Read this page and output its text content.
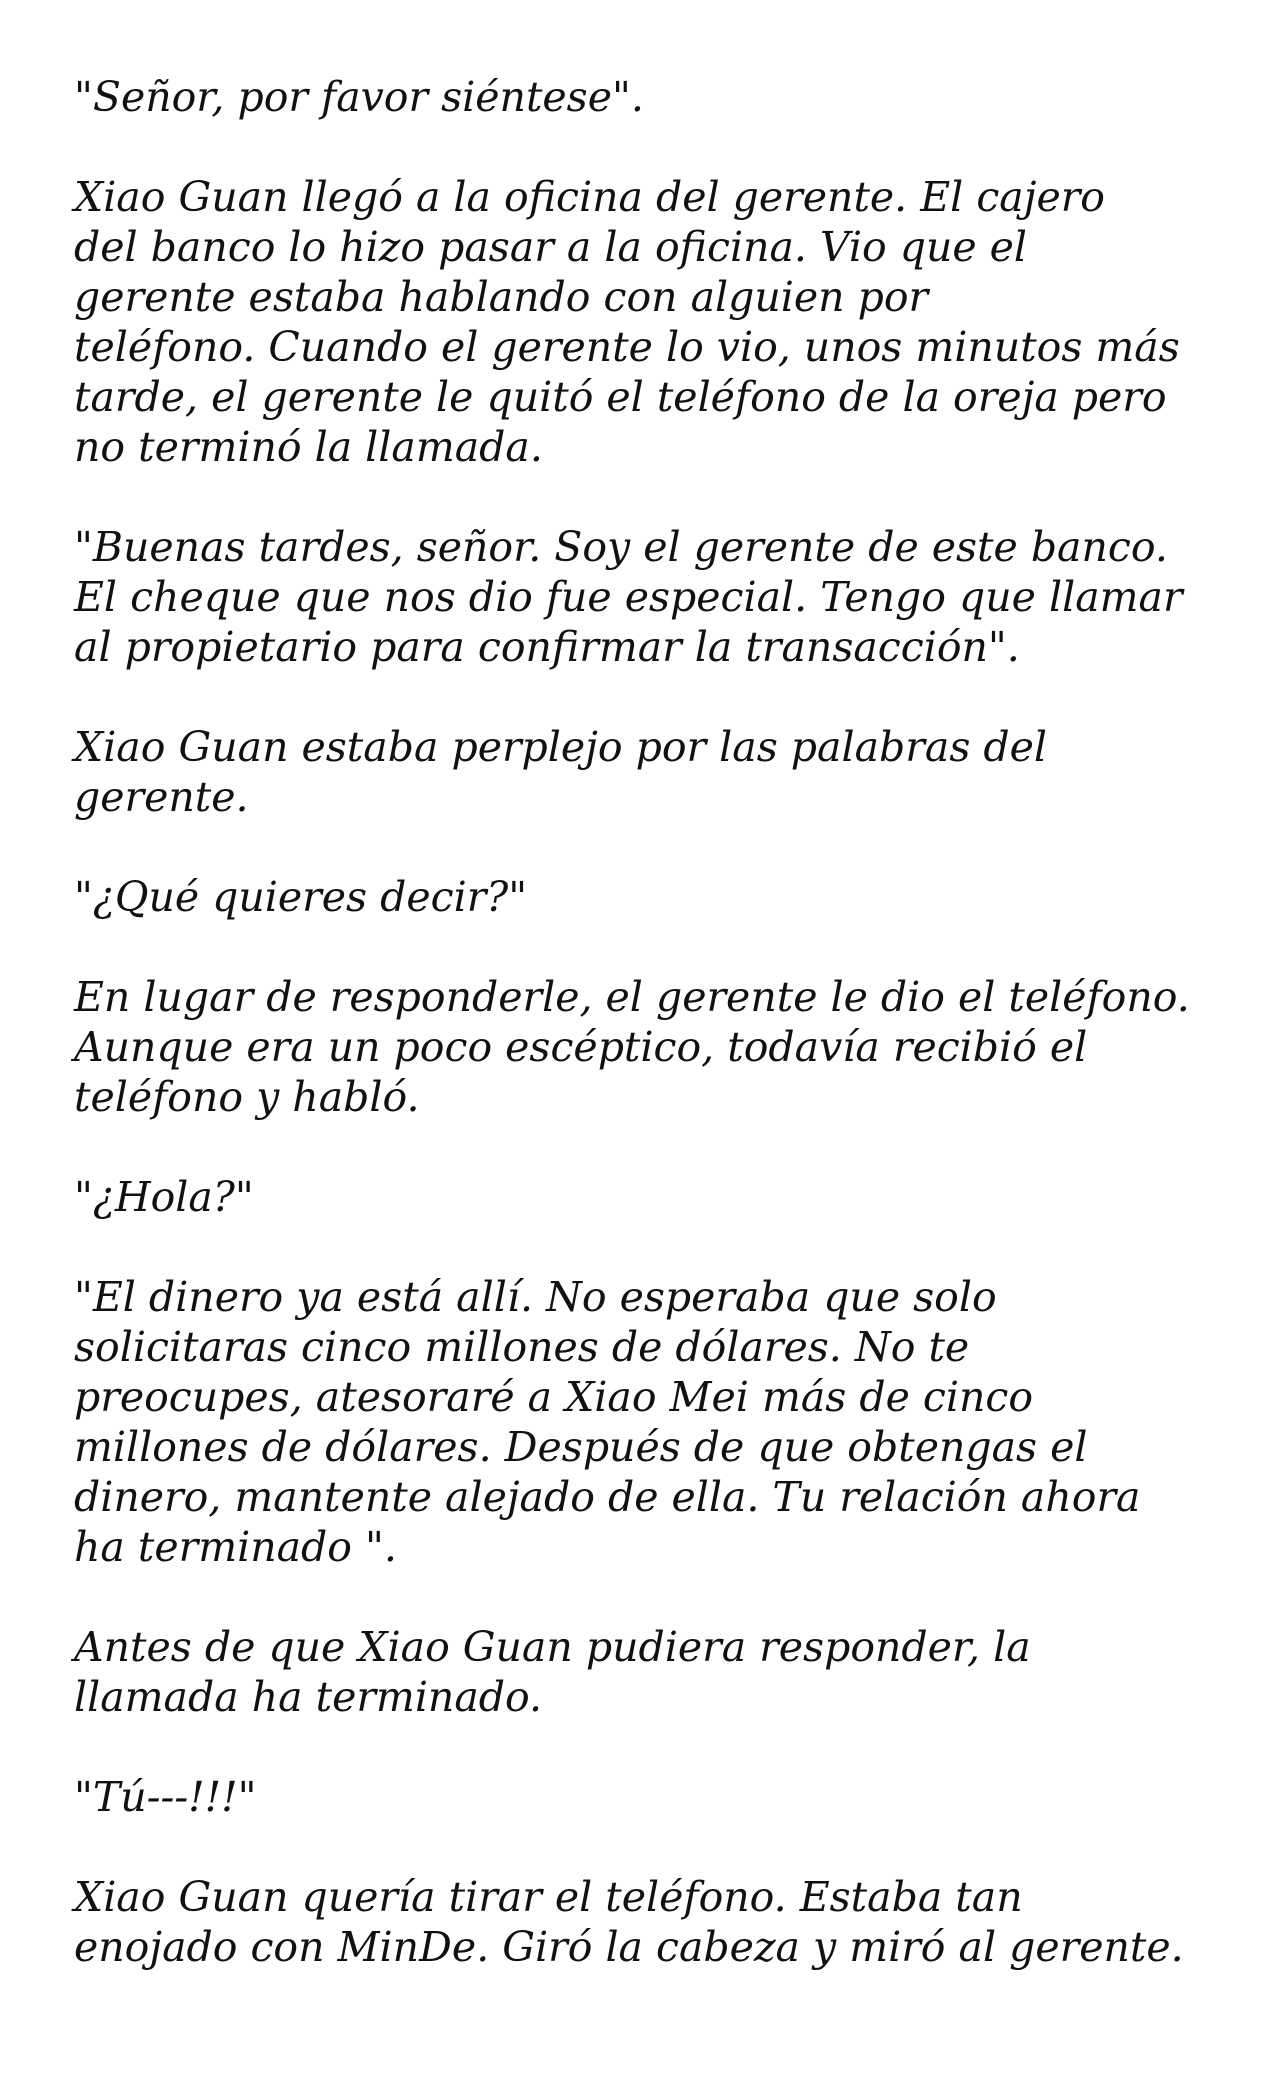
"Señor, por favor siéntese".

Xiao Guan llegó a la oficina del gerente. El cajero
del banco lo hizo pasar a la oficina. Vio que el
gerente estaba hablando con alguien por
teléfono. Cuando el gerente lo vio, unos minutos más
tarde, el gerente le quitó el teléfono de la oreja pero
no terminó la llamada.

"Buenas tardes, señor. Soy el gerente de este banco.
El cheque que nos dio fue especial. Tengo que llamar
al propietario para confirmar la transacción".

Xiao Guan estaba perplejo por las palabras del
gerente.

"¿Qué quieres decir?"

En lugar de responderle, el gerente le dio el teléfono.
Aunque era un poco escéptico, todavía recibió el
teléfono y habló.

"¿Hola?"

"El dinero ya está allí. No esperaba que solo
solicitaras cinco millones de dólares. No te
preocupes, atesoraré a Xiao Mei más de cinco
millones de dólares. Después de que obtengas el
dinero, mantente alejado de ella. Tu relación ahora
ha terminado ".

Antes de que Xiao Guan pudiera responder, la
llamada ha terminado.

"Tú---!!!"

Xiao Guan quería tirar el teléfono. Estaba tan
enojado con MinDe. Giró la cabeza y miró al gerente.
